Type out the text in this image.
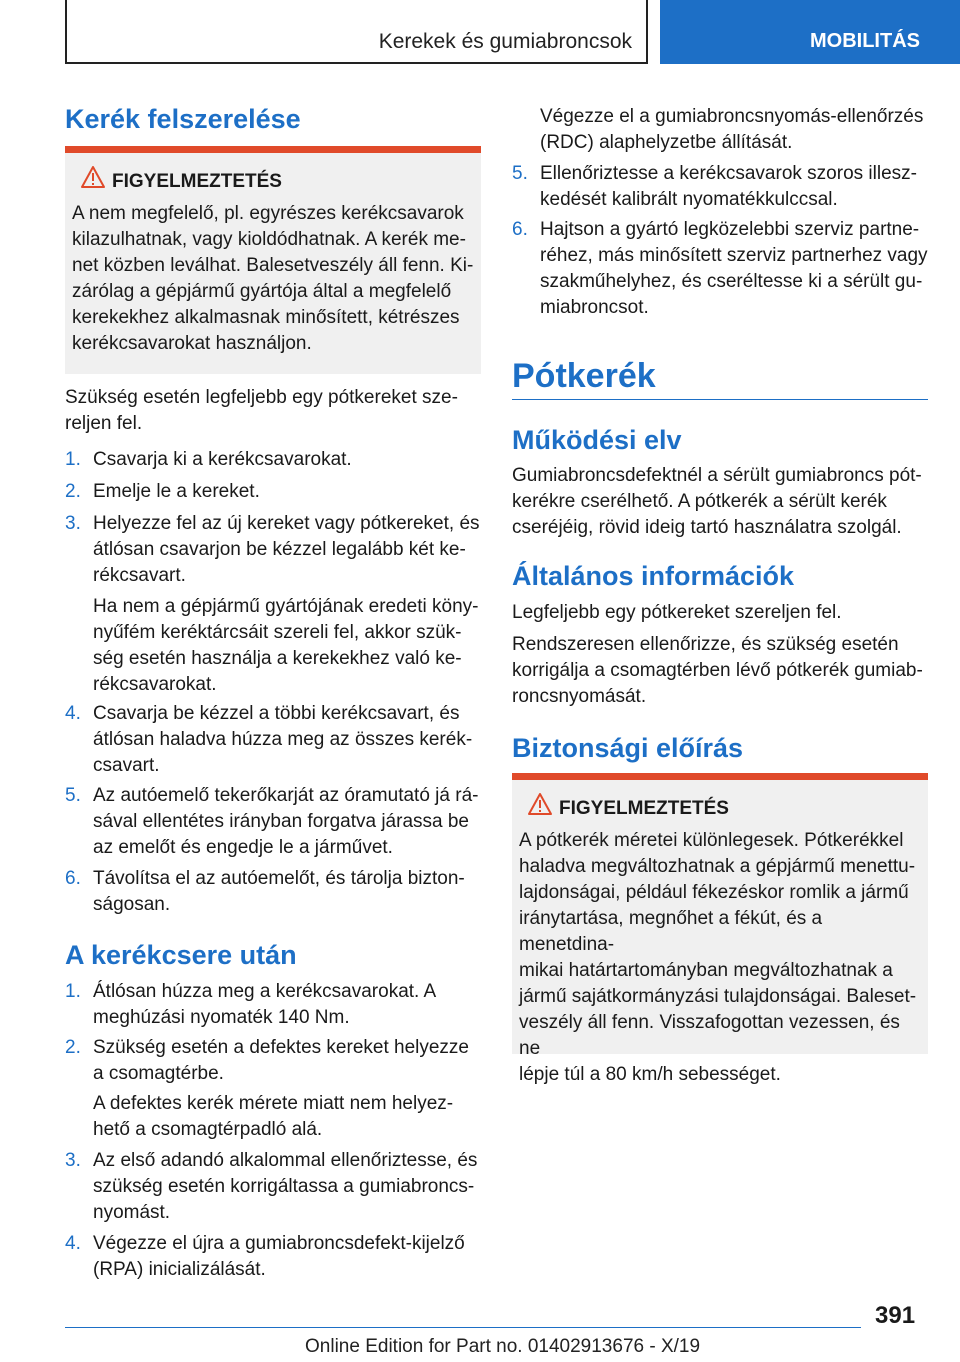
Kerekek és gumiabroncsok	MOBILITÁS
Kerék felszerelése
FIGYELMEZTETÉS
A nem megfelelő, pl. egyrészes kerékcsavarok
kilazulhatnak, vagy kioldódhatnak. A kerék me-
net közben leválhat. Balesetveszély áll fenn. Ki-
zárólag a gépjármű gyártója által a megfelelő
kerekekhez alkalmasnak minősített, kétrészes
kerékcsavarokat használjon.
Szükség esetén legfeljebb egy pótkereket sze-
reljen fel.
1. Csavarja ki a kerékcsavarokat.
2. Emelje le a kereket.
3. Helyezze fel az új kereket vagy pótkereket, és
átlósan csavarjon be kézzel legalább két ke-
rékcsavart.
Ha nem a gépjármű gyártójának eredeti köny-
nyűfém keréktárcsáit szereli fel, akkor szük-
ség esetén használja a kerekekhez való ke-
rékcsavarokat.
4. Csavarja be kézzel a többi kerékcsavart, és
átlósan haladva húzza meg az összes kerék-
csavart.
5. Az autóemelő tekerőkarját az óramutató já rá-
sával ellentétes irányban forgatva járassa be
az emelőt és engedje le a járművet.
6. Távolítsa el az autóemelőt, és tárolja bizton-
ságosan.
A kerékcsere után
1. Átlósan húzza meg a kerékcsavarokat. A
meghúzási nyomaték 140 Nm.
2. Szükség esetén a defektes kereket helyezze
a csomagtérbe.
A defektes kerék mérete miatt nem helyez-
hető a csomagtérpadló alá.
3. Az első adandó alkalommal ellenőriztesse, és
szükség esetén korrigáltassa a gumiabroncs-
nyomást.
4. Végezze el újra a gumiabroncsdefekt-kijelző
(RPA) inicializálását.
Végezze el a gumiabroncsnyomás-ellenőrzés
(RDC) alaphelyzetbe állítását.
5. Ellenőriztesse a kerékcsavarok szoros illesz-
kedését kalibrált nyomatékkulccsal.
6. Hajtson a gyártó legközelebbi szerviz partne-
réhez, más minősített szerviz partnerhez vagy
szakműhelyhez, és cseréltesse ki a sérült gu-
miabroncsot.
Pótkerék
Működési elv
Gumiabroncsdefektnél a sérült gumiabroncs pót-
kerékre cserélhető. A pótkerék a sérült kerék
cseréjéig, rövid ideig tartó használatra szolgál.
Általános információk
Legfeljebb egy pótkereket szereljen fel.
Rendszeresen ellenőrizze, és szükség esetén
korrigálja a csomagtérben lévő pótkerék gumiab-
roncsnyomását.
Biztonsági előírás
FIGYELMEZTETÉS
A pótkerék méretei különlegesek. Pótkerékkel
haladva megváltozhatnak a gépjármű menettu-
lajdonságai, például fékezéskor romlik a jármű
iránytartása, megnőhet a fékút, és a menetdina-
mikai határtartományban megváltozhatnak a
jármű sajátkormányzási tulajdonságai. Baleset-
veszély áll fenn. Visszafogottan vezessen, és ne
lépje túl a 80 km/h sebességet.
391
Online Edition for Part no. 01402913676 - X/19
